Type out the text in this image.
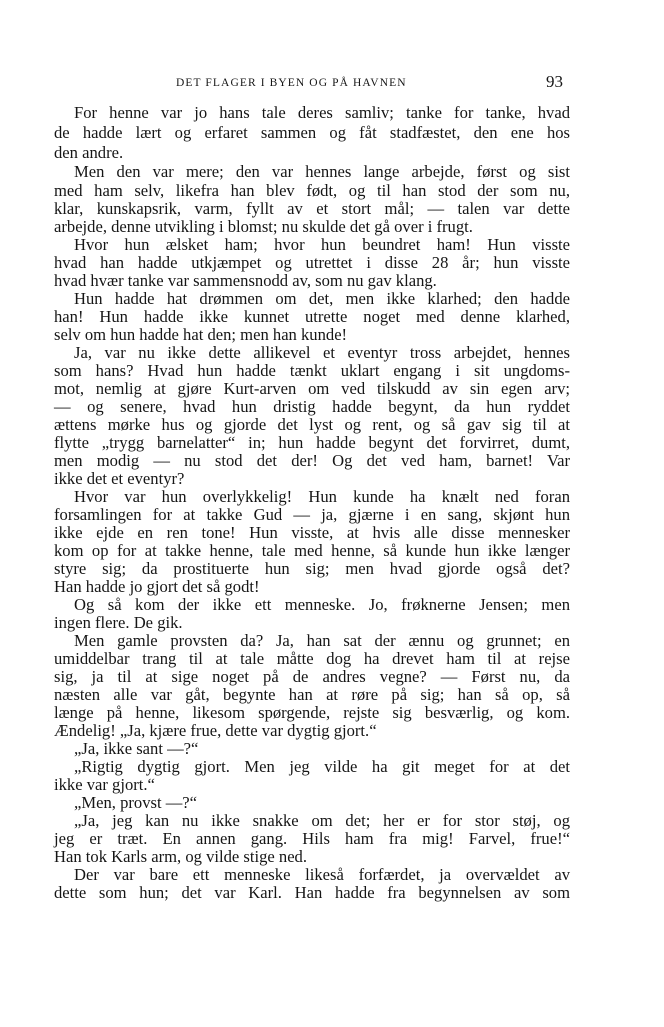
DET FLAGER I BYEN OG PÅ HAVNEN	93
For henne var jo hans tale deres samliv; tanke for tanke, hvad
de hadde lært og erfaret sammen og fåt stadfæstet, den ene hos
den andre.
Men den var mere; den var hennes lange arbejde, først og sist
med ham selv, likefra han blev født, og til han stod der som nu,
klar, kunskapsrik, varm, fyllt av et stort mål; — talen var dette
arbejde, denne utvikling i blomst; nu skulde det gå over i frugt.
Hvor hun ælsket ham; hvor hun beundret ham! Hun visste
hvad han hadde utkjæmpet og utrettet i disse 28 år; hun visste
hvad hvær tanke var sammensnodd av, som nu gav klang.
Hun hadde hat drømmen om det, men ikke klarhed; den hadde
han! Hun hadde ikke kunnet utrette noget med denne klarhed,
selv om hun hadde hat den; men han kunde!
Ja, var nu ikke dette allikevel et eventyr tross arbejdet, hennes
som hans? Hvad hun hadde tænkt uklart engang i sit ungdoms-
mot, nemlig at gjøre Kurt-arven om ved tilskudd av sin egen arv;
— og senere, hvad hun dristig hadde begynt, da hun ryddet
ættens mørke hus og gjorde det lyst og rent, og så gav sig til at
flytte „trygg barnelatter“ in; hun hadde begynt det forvirret, dumt,
men modig — nu stod det der! Og det ved ham, barnet! Var
ikke det et eventyr?
Hvor var hun overlykkelig! Hun kunde ha knælt ned foran
forsamlingen for at takke Gud — ja, gjærne i en sang, skjønt hun
ikke ejde en ren tone! Hun visste, at hvis alle disse mennesker
kom op for at takke henne, tale med henne, så kunde hun ikke længer
styre sig; da prostituerte hun sig; men hvad gjorde også det?
Han hadde jo gjort det så godt!
Og så kom der ikke ett menneske. Jo, frøknerne Jensen; men
ingen flere. De gik.
Men gamle provsten da? Ja, han sat der ænnu og grunnet; en
umiddelbar trang til at tale måtte dog ha drevet ham til at rejse
sig, ja til at sige noget på de andres vegne? — Først nu, da
næsten alle var gåt, begynte han at røre på sig; han så op, så
længe på henne, likesom spørgende, rejste sig besværlig, og kom.
Ændelig! „Ja, kjære frue, dette var dygtig gjort.“
„Ja, ikke sant —?“
„Rigtig dygtig gjort. Men jeg vilde ha git meget for at det
ikke var gjort.“
„Men, provst —?“
„Ja, jeg kan nu ikke snakke om det; her er for stor støj, og
jeg er træt. En annen gang. Hils ham fra mig! Farvel, frue!“
Han tok Karls arm, og vilde stige ned.
Der var bare ett menneske likeså forfærdet, ja overvældet av
dette som hun; det var Karl. Han hadde fra begynnelsen av som
